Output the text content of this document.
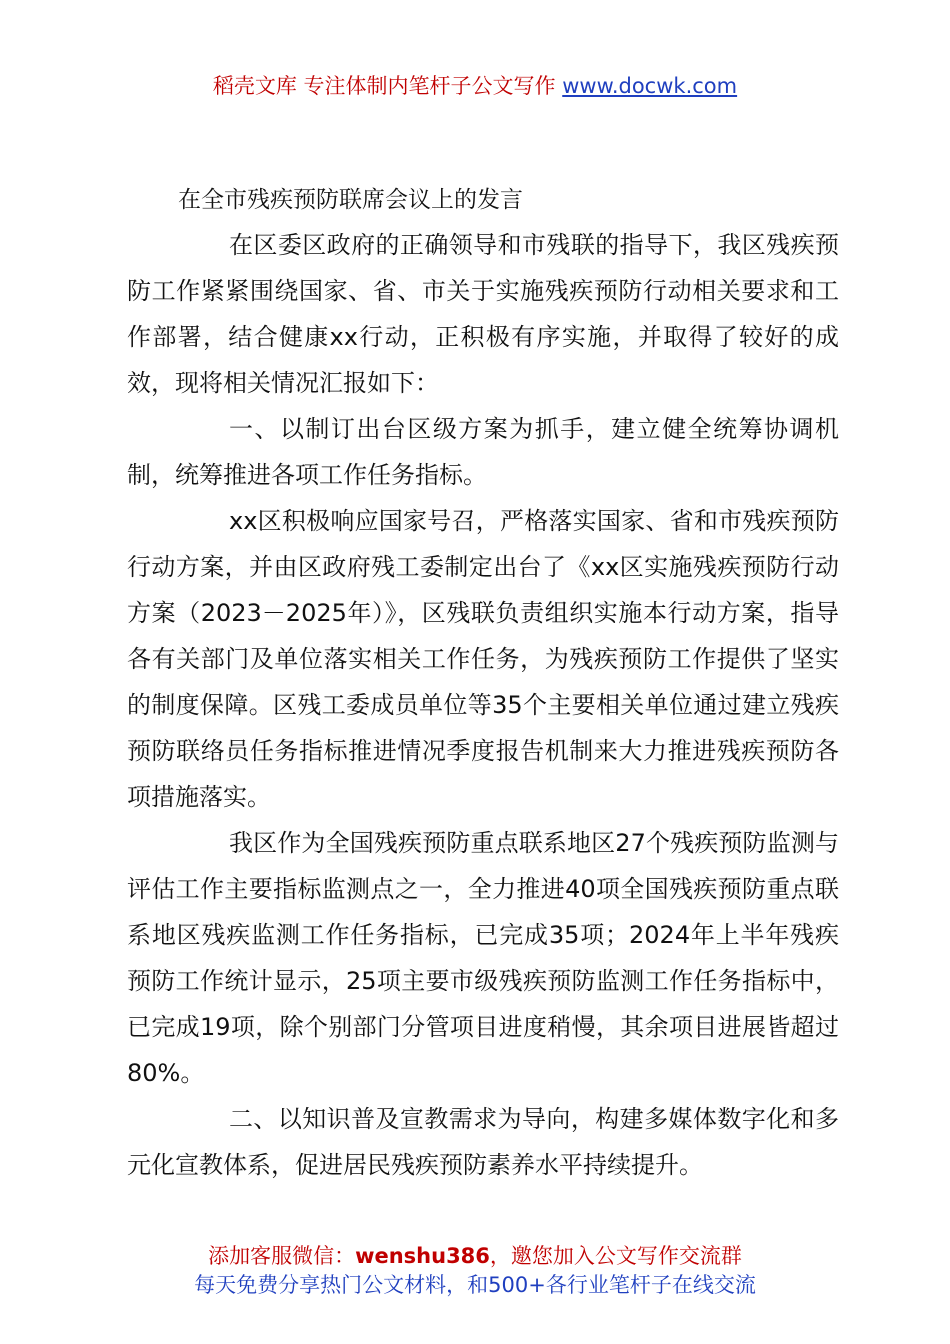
稻壳文库 专注体制内笔杆子公文写作 www.docwk.com
在全市残疾预防联席会议上的发言

在区委区政府的正确领导和市残联的指导下，我区残疾预防工作紧紧围绕国家、省、市关于实施残疾预防行动相关要求和工作部署，结合健康xx行动，正积极有序实施，并取得了较好的成效，现将相关情况汇报如下：

一、以制订出台区级方案为抓手，建立健全统筹协调机制，统筹推进各项工作任务指标。

xx区积极响应国家号召，严格落实国家、省和市残疾预防行动方案，并由区政府残工委制定出台了《xx区实施残疾预防行动方案（2023－2025年）》，区残联负责组织实施本行动方案，指导各有关部门及单位落实相关工作任务，为残疾预防工作提供了坚实的制度保障。区残工委成员单位等35个主要相关单位通过建立残疾预防联络员任务指标推进情况季度报告机制来大力推进残疾预防各项措施落实。

我区作为全国残疾预防重点联系地区27个残疾预防监测与评估工作主要指标监测点之一，全力推进40项全国残疾预防重点联系地区残疾监测工作任务指标，已完成35项；2024年上半年残疾预防工作统计显示，25项主要市级残疾预防监测工作任务指标中，已完成19项，除个别部门分管项目进度稍慢，其余项目进展皆超过80%。

二、以知识普及宣教需求为导向，构建多媒体数字化和多元化宣教体系，促进居民残疾预防素养水平持续提升。

添加客服微信：wenshu386，邀您加入公文写作交流群
每天免费分享热门公文材料，和500+各行业笔杆子在线交流
